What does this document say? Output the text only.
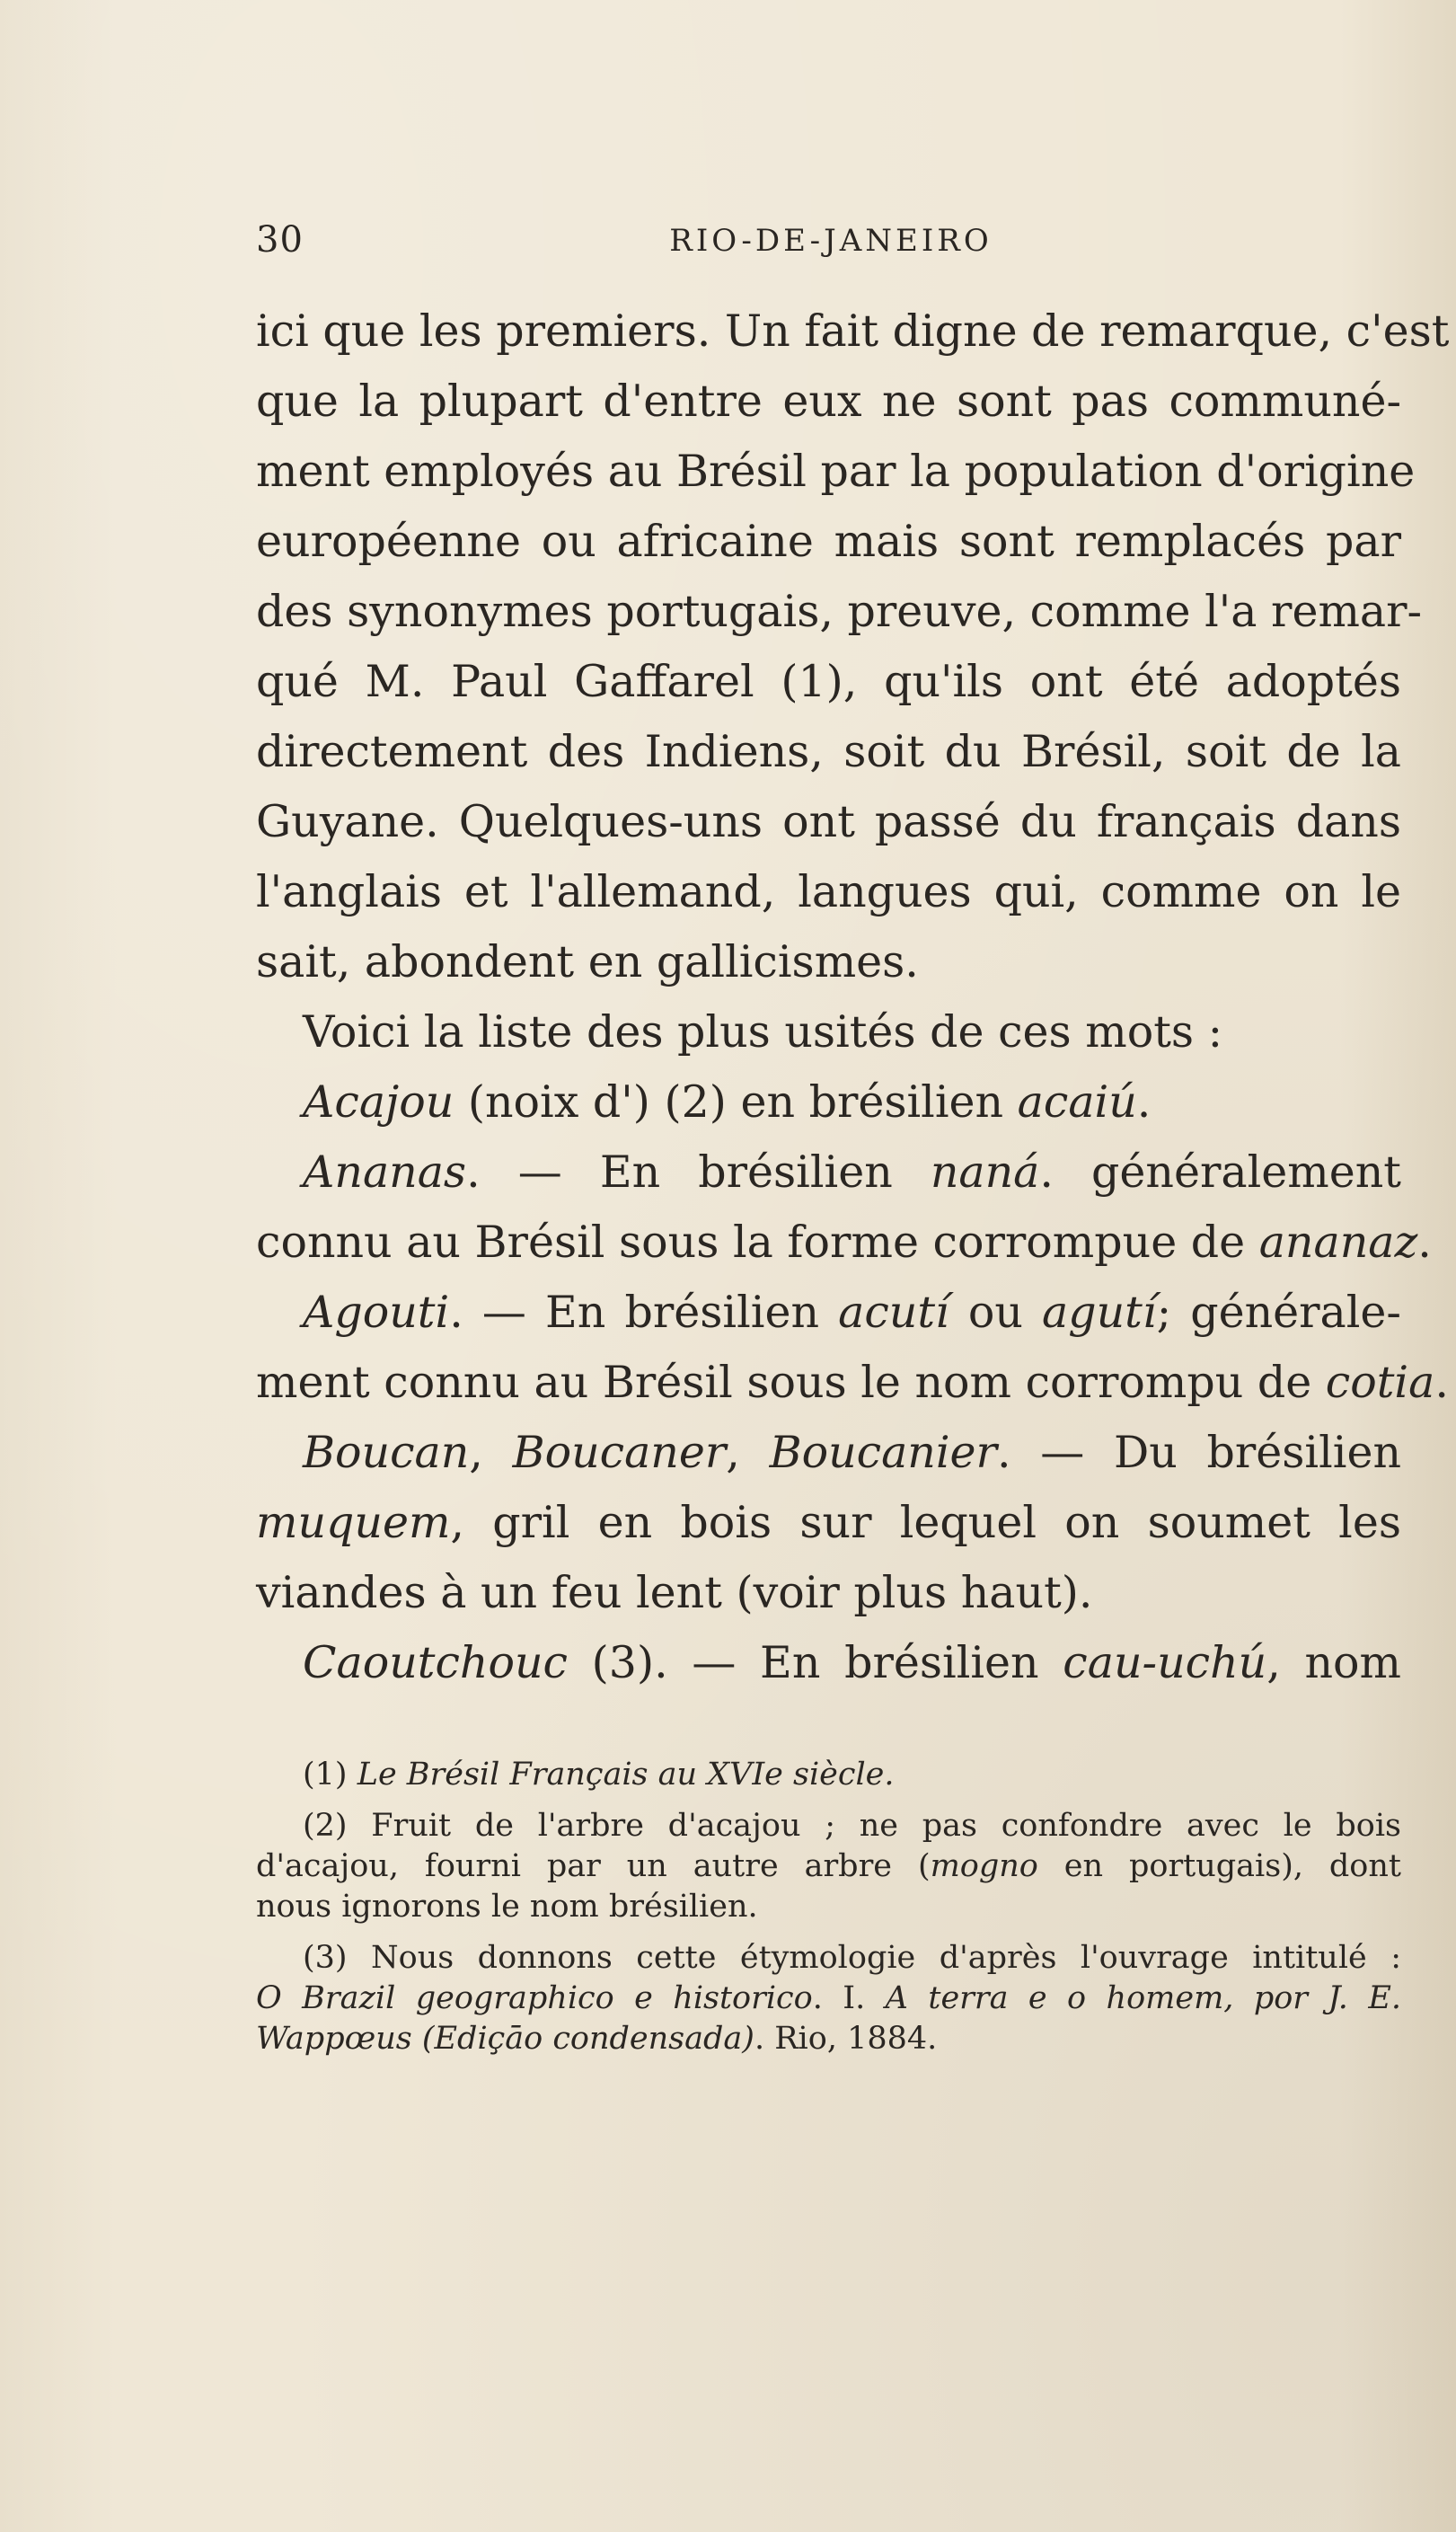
30	RIO-DE-JANEIRO
ici que les premiers. Un fait digne de remarque, c'est
que la plupart d'entre eux ne sont pas communé-
ment employés au Brésil par la population d'origine
européenne ou africaine mais sont remplacés par
des synonymes portugais, preuve, comme l'a remar-
qué M. Paul Gaffarel (1), qu'ils ont été adoptés
directement des Indiens, soit du Brésil, soit de la
Guyane. Quelques-uns ont passé du français dans
l'anglais et l'allemand, langues qui, comme on le
sait, abondent en gallicismes.
Voici la liste des plus usités de ces mots :
Acajou (noix d') (2) en brésilien acaiú.
Ananas. — En brésilien naná. généralement
connu au Brésil sous la forme corrompue de ananaz.
Agouti. — En brésilien acutí ou agutí; générale-
ment connu au Brésil sous le nom corrompu de cotia.
Boucan, Boucaner, Boucanier. — Du brésilien
muquem, gril en bois sur lequel on soumet les
viandes à un feu lent (voir plus haut).
Caoutchouc (3). — En brésilien cau-uchú, nom
(1) Le Brésil Français au XVIe siècle.
(2) Fruit de l'arbre d'acajou ; ne pas confondre avec le bois
d'acajou, fourni par un autre arbre (mogno en portugais), dont
nous ignorons le nom brésilien.
(3) Nous donnons cette étymologie d'après l'ouvrage intitulé :
O Brazil geographico e historico. I. A terra e o homem, por J. E.
Wappœus (Ediçāo condensada). Rio, 1884.
